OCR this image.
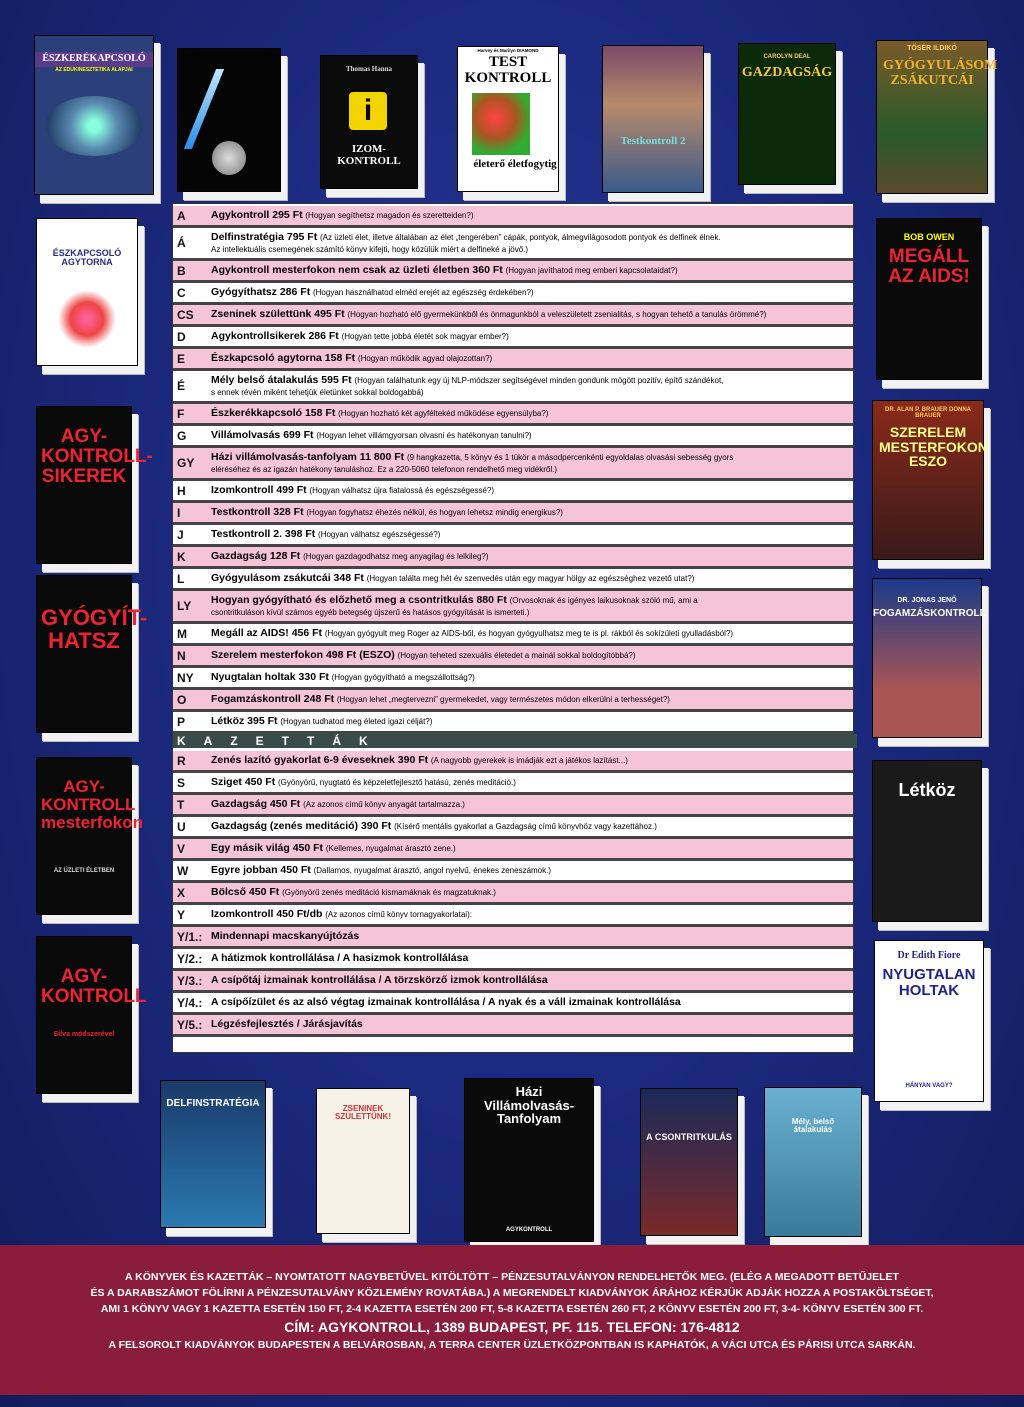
ÉSZKERÉKAPCSOLÓ
AZ EDUKINESZTETIKA ALAPJAI	Thomas Hanna
i
IZOM-KONTROLL
Harvey és Marilyn DIAMOND
TEST KONTROLL
életerő életfogytig
Testkontroll 2
CAROLYN DEAL
GAZDAGSÁG
TŐSÉR ILDIKÓ
GYÓGYULÁSOM ZSÁKUTCÁI
ÉSZKAPCSOLÓ AGYTORNA
AGY-KONTROLL-SIKEREK
GYÓGYÍT-HATSZ
AGY-KONTROLL mesterfokon
AZ ÜZLETI ÉLETBEN
AGY-KONTROLL
Silva módszerével
BOB OWEN
MEGÁLL AZ AIDS!
DR. ALAN P. BRAUER DONNA BRAUER
SZERELEM MESTERFOKON ESZO
DR. JONAS JENŐ
FOGAMZÁSKONTROLL
Létköz
Dr Edith Fiore
NYUGTALAN HOLTAK
HÁNYAN VAGY?
DELFINSTRATÉGIA	ZSENINEK SZÜLETTÜNK!
Házi Villámolvasás-Tanfolyam
AGYKONTROLL
A CSONTRITKULÁS
Mély, belső átalakulás
A	Agykontroll 295 Ft (Hogyan segíthetsz magadon és szeretteiden?)
Á	Delfinstratégia 795 Ft (Az üzleti élet, illetve általában az élet „tengerében” cápák, pontyok, álmegvilágosodott pontyok és delfinek élnek.
Az intellektuális csemegének számító könyv kifejti, hogy közülük miért a delfineké a jövő.)
B	Agykontroll mesterfokon nem csak az üzleti életben 360 Ft (Hogyan javíthatod meg emberi kapcsolataidat?)
C	Gyógyíthatsz 286 Ft (Hogyan használhatod elméd erejét az egészség érdekében?)
CS	Zseninek születtünk 495 Ft (Hogyan hozható elő gyermekünkből és önmagunkból a veleszületett zsenialitás, s hogyan tehető a tanulás örömmé?)
D	Agykontrollsikerek 286 Ft (Hogyan tette jobbá életét sok magyar ember?)
E	Észkapcsoló agytorna 158 Ft (Hogyan működik agyad olajozottan?)
É	Mély belső átalakulás 595 Ft (Hogyan találhatunk egy új NLP-módszer segítségével minden gondunk mögött pozitív, építő szándékot,
s ennek révén miként tehetjük életünket sokkal boldogabbá)
F	Észkerékkapcsoló 158 Ft (Hogyan hozható két agyféltekéd működése egyensúlyba?)
G	Villámolvasás 699 Ft (Hogyan lehet villámgyorsan olvasni és hatékonyan tanulni?)
GY	Házi villámolvasás-tanfolyam 11 800 Ft (9 hangkazetta, 5 könyv és 1 tükör a másodpercenkénti egyoldalas olvasási sebesség gyors
eléréséhez és az igazán hatékony tanuláshoz. Ez a 220-5060 telefonon rendelhető meg vidékről.)
H	Izomkontroll 499 Ft (Hogyan válhatsz újra fiatalossá és egészségessé?)
I	Testkontroll 328 Ft (Hogyan fogyhatsz éhezés nélkül, és hogyan lehetsz mindig energikus?)
J	Testkontroll 2. 398 Ft (Hogyan válhatsz egészségessé?)
K	Gazdagság 128 Ft (Hogyan gazdagodhatsz meg anyagilag és lelkileg?)
L	Gyógyulásom zsákutcái 348 Ft (Hogyan találta meg hét év szenvedés után egy magyar hölgy az egészséghez vezető utat?)
LY	Hogyan gyógyítható és előzhető meg a csontritkulás 880 Ft (Orvosoknak és igényes laikusoknak szóló mű, ami a
csontritkuláson kívül számos egyéb betegség újszerű és hatásos gyógyítását is ismerteti.)
M	Megáll az AIDS! 456 Ft (Hogyan gyógyult meg Roger az AIDS-ből, és hogyan gyógyulhatsz meg te is pl. rákból és sokízületi gyulladásból?)
N	Szerelem mesterfokon 498 Ft (ESZO) (Hogyan teheted szexuális életedet a mainál sokkal boldogítóbbá?)
NY	Nyugtalan holtak 330 Ft (Hogyan gyógyítható a megszállottság?)
O	Fogamzáskontroll 248 Ft (Hogyan lehet „megtervezni” gyermekedet, vagy természetes módon elkerülni a terhességet?)
P	Létköz 395 Ft (Hogyan tudhatod meg életed igazi célját?)
KAZETTÁK
R	Zenés lazító gyakorlat 6-9 éveseknek 390 Ft (A nagyobb gyerekek is imádják ezt a játékos lazítást...)
S	Sziget 450 Ft (Gyönyörű, nyugtató és képzeletfejlesztő hatású, zenés meditáció.)
T	Gazdagság 450 Ft (Az azonos című könyv anyagát tartalmazza.)
U	Gazdagság (zenés meditáció) 390 Ft (Kísérő mentális gyakorlat a Gazdagság című könyvhöz vagy kazettához.)
V	Egy másik világ 450 Ft (Kellemes, nyugalmat árasztó zene.)
W	Egyre jobban 450 Ft (Dallamos, nyugalmat árasztó, angol nyelvű, énekes zeneszámok.)
X	Bölcső 450 Ft (Gyönyörű zenés meditáció kismamáknak és magzatuknak.)
Y	Izomkontroll 450 Ft/db (Az azonos című könyv tornagyakorlatai):
Y/1.: Mindennapi macskanyújtózás
Y/2.: A hátizmok kontrollálása / A hasizmok kontrollálása
Y/3.: A csípőtáj izmainak kontrollálása / A törzskörző izmok kontrollálása
Y/4.: A csípőízület és az alsó végtag izmainak kontrollálása / A nyak és a váll izmainak kontrollálása
Y/5.: Légzésfejlesztés / Járásjavítás
A KÖNYVEK ÉS KAZETTÁK – NYOMTATOTT NAGYBETŰVEL KITÖLTÖTT – PÉNZESUTALVÁNYON RENDELHETŐK MEG. (ELÉG A MEGADOTT BETŰJELET
ÉS A DARABSZÁMOT FÖLÍRNI A PÉNZESUTALVÁNY KÖZLEMÉNY ROVATÁBA.) A MEGRENDELT KIADVÁNYOK ÁRÁHOZ KÉRJÜK ADJÁK HOZZA A POSTAKÖLTSÉGET,
AMI 1 KÖNYV VAGY 1 KAZETTA ESETÉN 150 FT, 2-4 KAZETTA ESETÉN 200 FT, 5-8 KAZETTA ESETÉN 260 FT, 2 KÖNYV ESETÉN 200 FT, 3-4- KÖNYV ESETÉN 300 FT.
CÍM: AGYKONTROLL, 1389 BUDAPEST, PF. 115. TELEFON: 176-4812
A FELSOROLT KIADVÁNYOK BUDAPESTEN A BELVÁROSBAN, A TERRA CENTER ÜZLETKÖZPONTBAN IS KAPHATÓK, A VÁCI UTCA ÉS PÁRISI UTCA SARKÁN.
